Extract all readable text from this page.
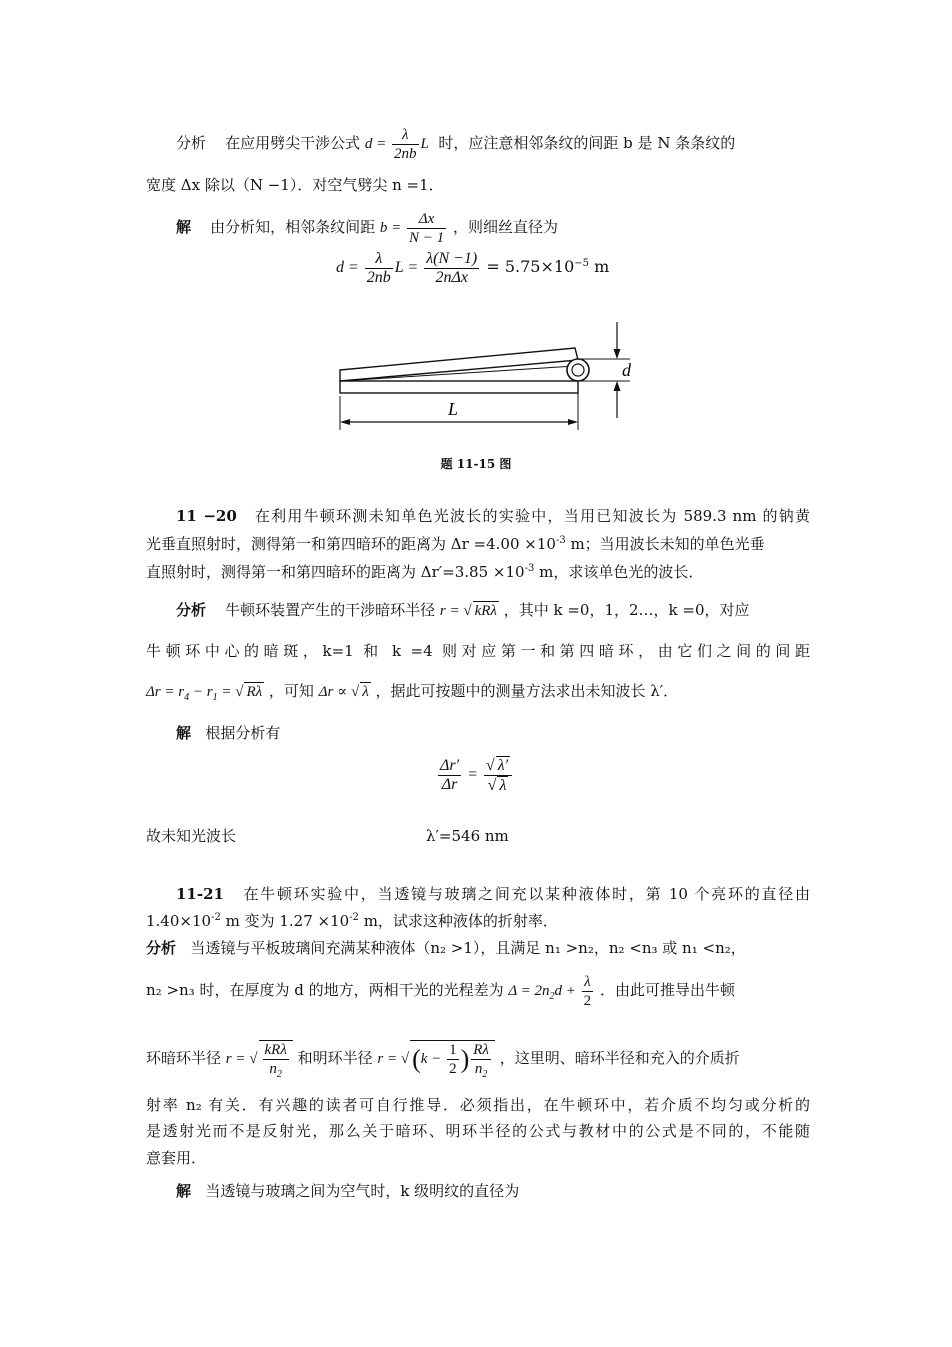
分析 在应用劈尖干涉公式 $d = \frac{\lambda}{2nb}$ L 时，应注意相邻条纹的间距 b 是 N 条条纹的
宽度 Δx 除以（N −1）．对空气劈尖 n =1．
解 由分析知，相邻条纹间距 $b = \frac{\Delta x}{N - 1}$ ，则细丝直径为
$d = \frac{\lambda}{2nb}$ $L = \frac{\lambda(N -1)}{\text{2nΔx}} = 5.75\times 10^{-5}$ m
d
L
题 11-15 图
11 −20 在利用牛顿环测未知单色光波长的实验中，当用已知波长为 589.3 nm 的钠黄
光垂直照射时，测得第一和第四暗环的距离为 $\Delta r =4.00 \times 10^{-3}$ m；当用波长未知的单色光垂
直照射时，测得第一和第四暗环的距离为 $\Delta r'=3.85 \times 10^{-3}$ m，求该单色光的波长．
分析 牛顿环装置产生的干涉暗环半径 r = √ kRλ ，其中 k =0，1，2…，k =0，对应
牛顿环中心的暗斑，k=1 和 k =4 则对应第一和第四暗环，由它们之间的间距
$\Delta r = r_4 - r_1$ = √ Rλ ，可知 Δr ∝ √ λ ，据此可按题中的测量方法求出未知波长 λ′．
解 根据分析有
$\frac{\Delta r'}{\Delta r} = \frac{√ \lambda'}{√ \lambda}$
故未知光波长	λ′=546 nm
11-21 在牛顿环实验中，当透镜与玻璃之间充以某种液体时，第 10 个亮环的直径由
$1.40\times 10^{-2}$ m 变为 $1.27 \times 10^{-2}$ m，试求这种液体的折射率．
分析 当透镜与平板玻璃间充满某种液体（n₂ >1），且满足 n₁ >n₂，n₂ <n₃ 或 n₁ <n₂，
n₂ >n₃ 时，在厚度为 d 的地方，两相干光的光程差为 $\Delta = 2n_2d + \frac{\lambda}{2}$ ．由此可推导出牛顿
环暗环半径 r = √ $\frac{\text{kRλ}}{n_2}$ 和明环半径 r = √ ($k - \frac{1}{2}$ ) $\frac{R\lambda}{n_2}$ ，这里明、暗环半径和充入的介质折
射率 n₂ 有关．有兴趣的读者可自行推导．必须指出，在牛顿环中，若介质不均匀或分析的
是透射光而不是反射光，那么关于暗环、明环半径的公式与教材中的公式是不同的，不能随
意套用．
解 当透镜与玻璃之间为空气时，k 级明纹的直径为
